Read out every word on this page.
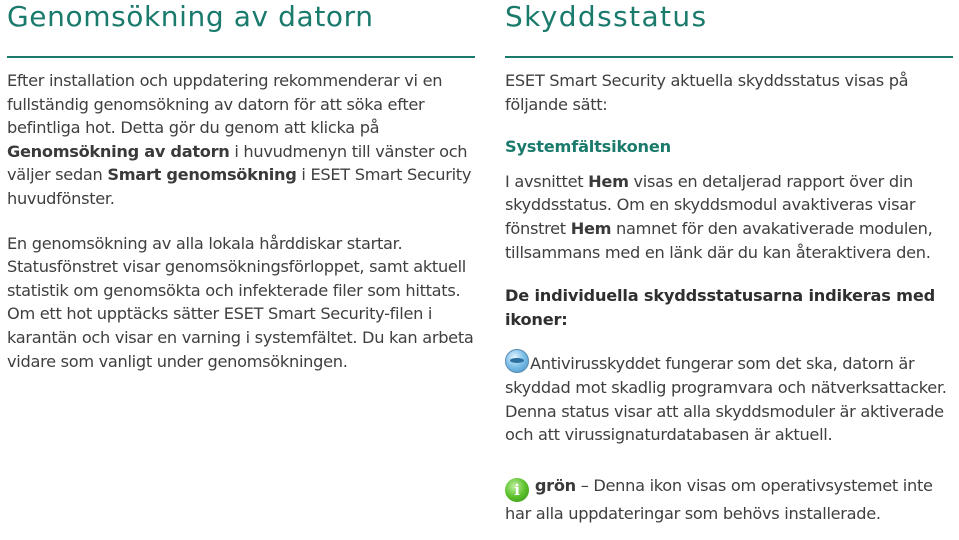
Genomsökning av datorn

Efter installation och uppdatering rekommenderar vi en fullständig genomsökning av datorn för att söka efter befintliga hot. Detta gör du genom att klicka på Genomsökning av datorn i huvudmenyn till vänster och väljer sedan Smart genomsökning i ESET Smart Security huvudfönster.

En genomsökning av alla lokala hårddiskar startar.

Statusfönstret visar genomsökningsförloppet, samt aktuell statistik om genomsökta och infekterade filer som hittats. Om ett hot upptäcks sätter ESET Smart Security-filen i karantän och visar en varning i systemfältet. Du kan arbeta vidare som vanligt under genomsökningen.

Skyddsstatus

ESET Smart Security aktuella skyddsstatus visas på följande sätt:

Systemfältsikonen

I avsnittet Hem visas en detaljerad rapport över din skyddsstatus. Om en skyddsmodul avaktiveras visar fönstret Hem namnet för den avakativerade modulen, tillsammans med en länk där du kan återaktivera den.

De individuella skyddsstatusarna indikeras med ikoner:

Antivirusskyddet fungerar som det ska, datorn är skyddad mot skadlig programvara och nätverksattacker. Denna status visar att alla skyddsmoduler är aktiverade och att virussignaturdatabasen är aktuell.

i grön – Denna ikon visas om operativsystemet inte har alla uppdateringar som behövs installerade.
